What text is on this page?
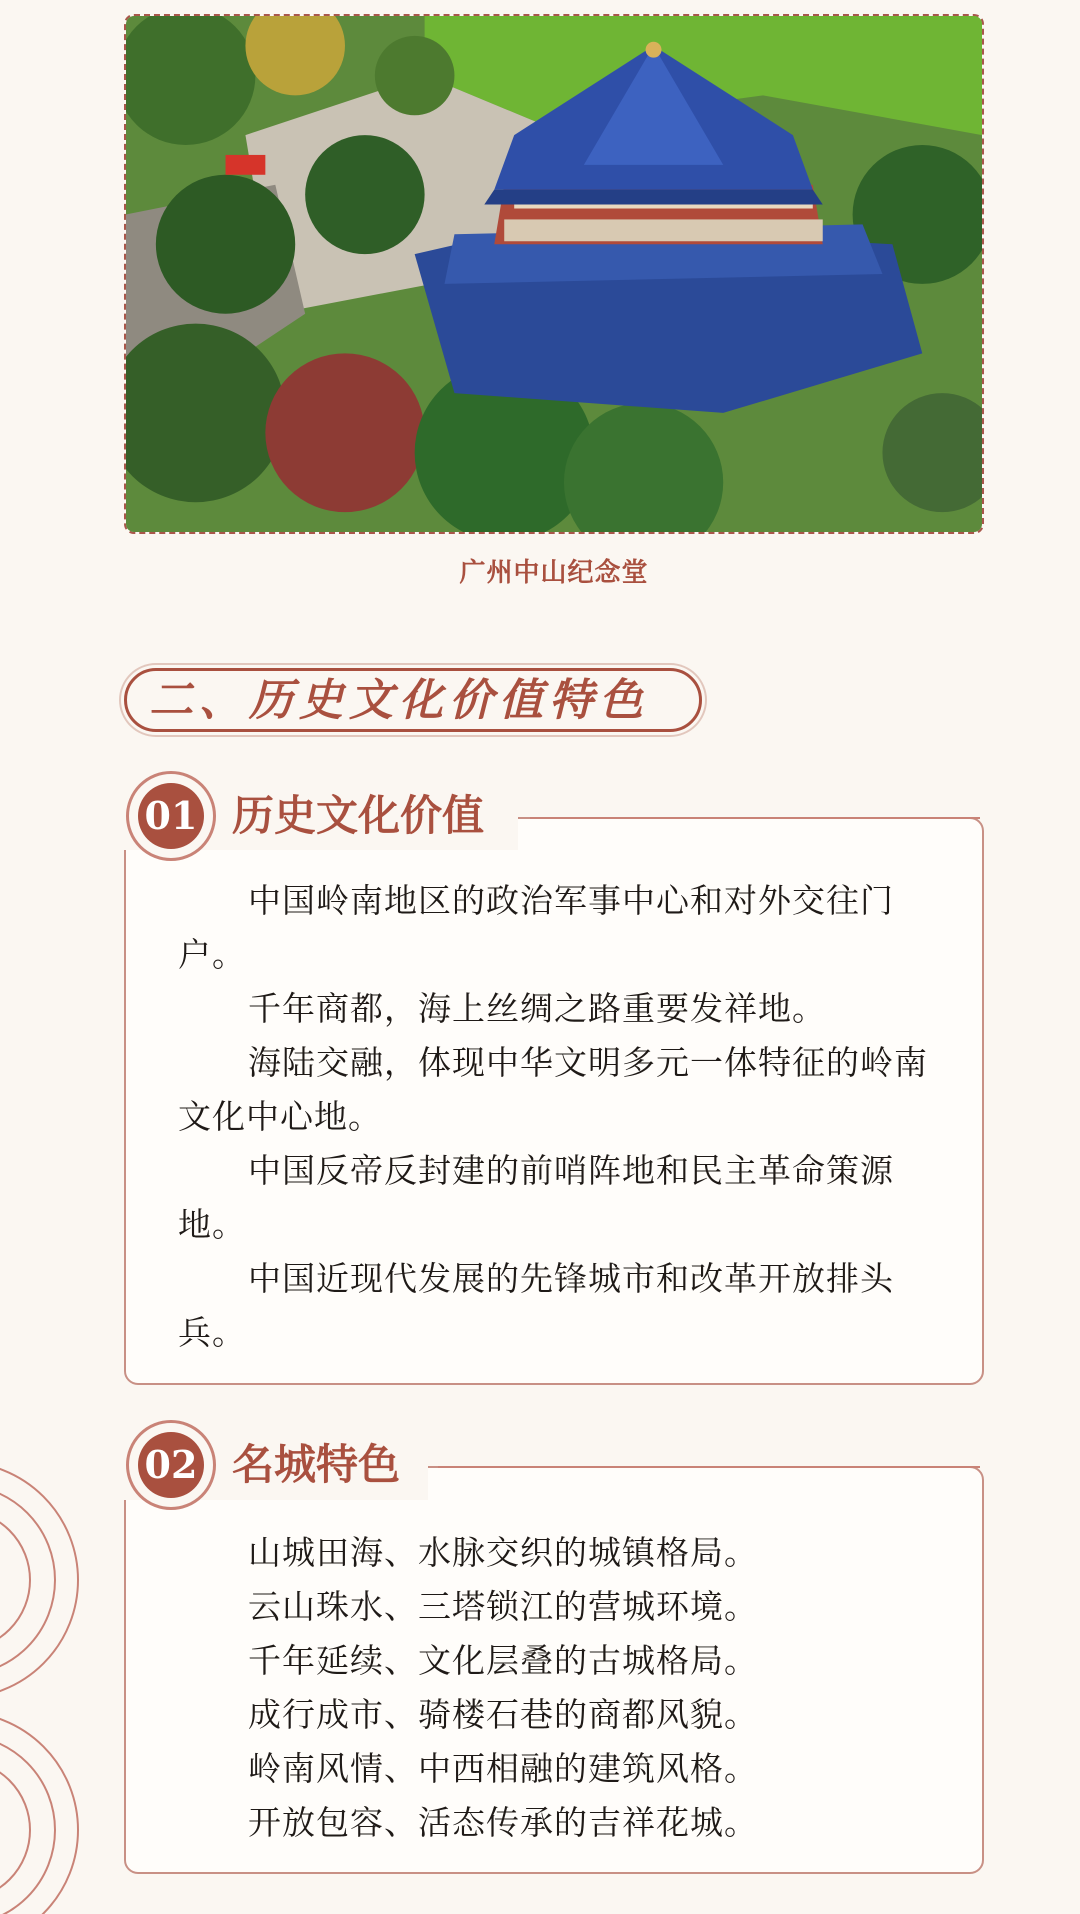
广州中山纪念堂
二、历史文化价值特色

中国岭南地区的政治军事中心和对外交往门户。

千年商都，海上丝绸之路重要发祥地。

海陆交融，体现中华文明多元一体特征的岭南文化中心地。

中国反帝反封建的前哨阵地和民主革命策源地。

中国近现代发展的先锋城市和改革开放排头兵。

01 历史文化价值

山城田海、水脉交织的城镇格局。

云山珠水、三塔锁江的营城环境。

千年延续、文化层叠的古城格局。

成行成市、骑楼石巷的商都风貌。

岭南风情、中西相融的建筑风格。

开放包容、活态传承的吉祥花城。

02 名城特色
